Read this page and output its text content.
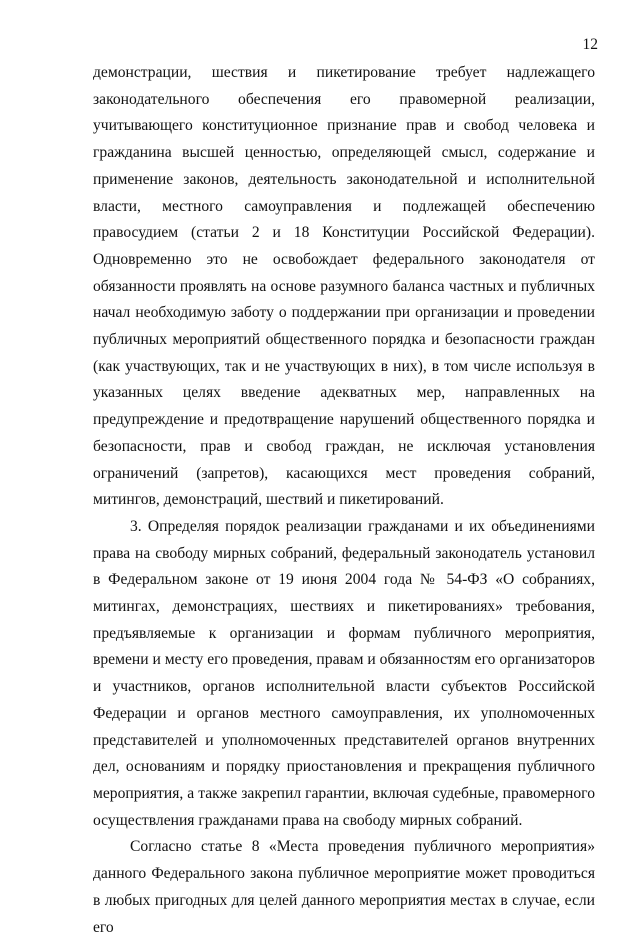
12

демонстрации, шествия и пикетирование требует надлежащего законодательного обеспечения его правомерной реализации, учитывающего конституционное признание прав и свобод человека и гражданина высшей ценностью, определяющей смысл, содержание и применение законов, деятельность законодательной и исполнительной власти, местного самоуправления и подлежащей обеспечению правосудием (статьи 2 и 18 Конституции Российской Федерации). Одновременно это не освобождает федерального законодателя от обязанности проявлять на основе разумного баланса частных и публичных начал необходимую заботу о поддержании при организации и проведении публичных мероприятий общественного порядка и безопасности граждан (как участвующих, так и не участвующих в них), в том числе используя в указанных целях введение адекватных мер, направленных на предупреждение и предотвращение нарушений общественного порядка и безопасности, прав и свобод граждан, не исключая установления ограничений (запретов), касающихся мест проведения собраний, митингов, демонстраций, шествий и пикетирований.

3. Определяя порядок реализации гражданами и их объединениями права на свободу мирных собраний, федеральный законодатель установил в Федеральном законе от 19 июня 2004 года № 54-ФЗ «О собраниях, митингах, демонстрациях, шествиях и пикетированиях» требования, предъявляемые к организации и формам публичного мероприятия, времени и месту его проведения, правам и обязанностям его организаторов и участников, органов исполнительной власти субъектов Российской Федерации и органов местного самоуправления, их уполномоченных представителей и уполномоченных представителей органов внутренних дел, основаниям и порядку приостановления и прекращения публичного мероприятия, а также закрепил гарантии, включая судебные, правомерного осуществления гражданами права на свободу мирных собраний.

Согласно статье 8 «Места проведения публичного мероприятия» данного Федерального закона публичное мероприятие может проводиться в любых пригодных для целей данного мероприятия местах в случае, если его
